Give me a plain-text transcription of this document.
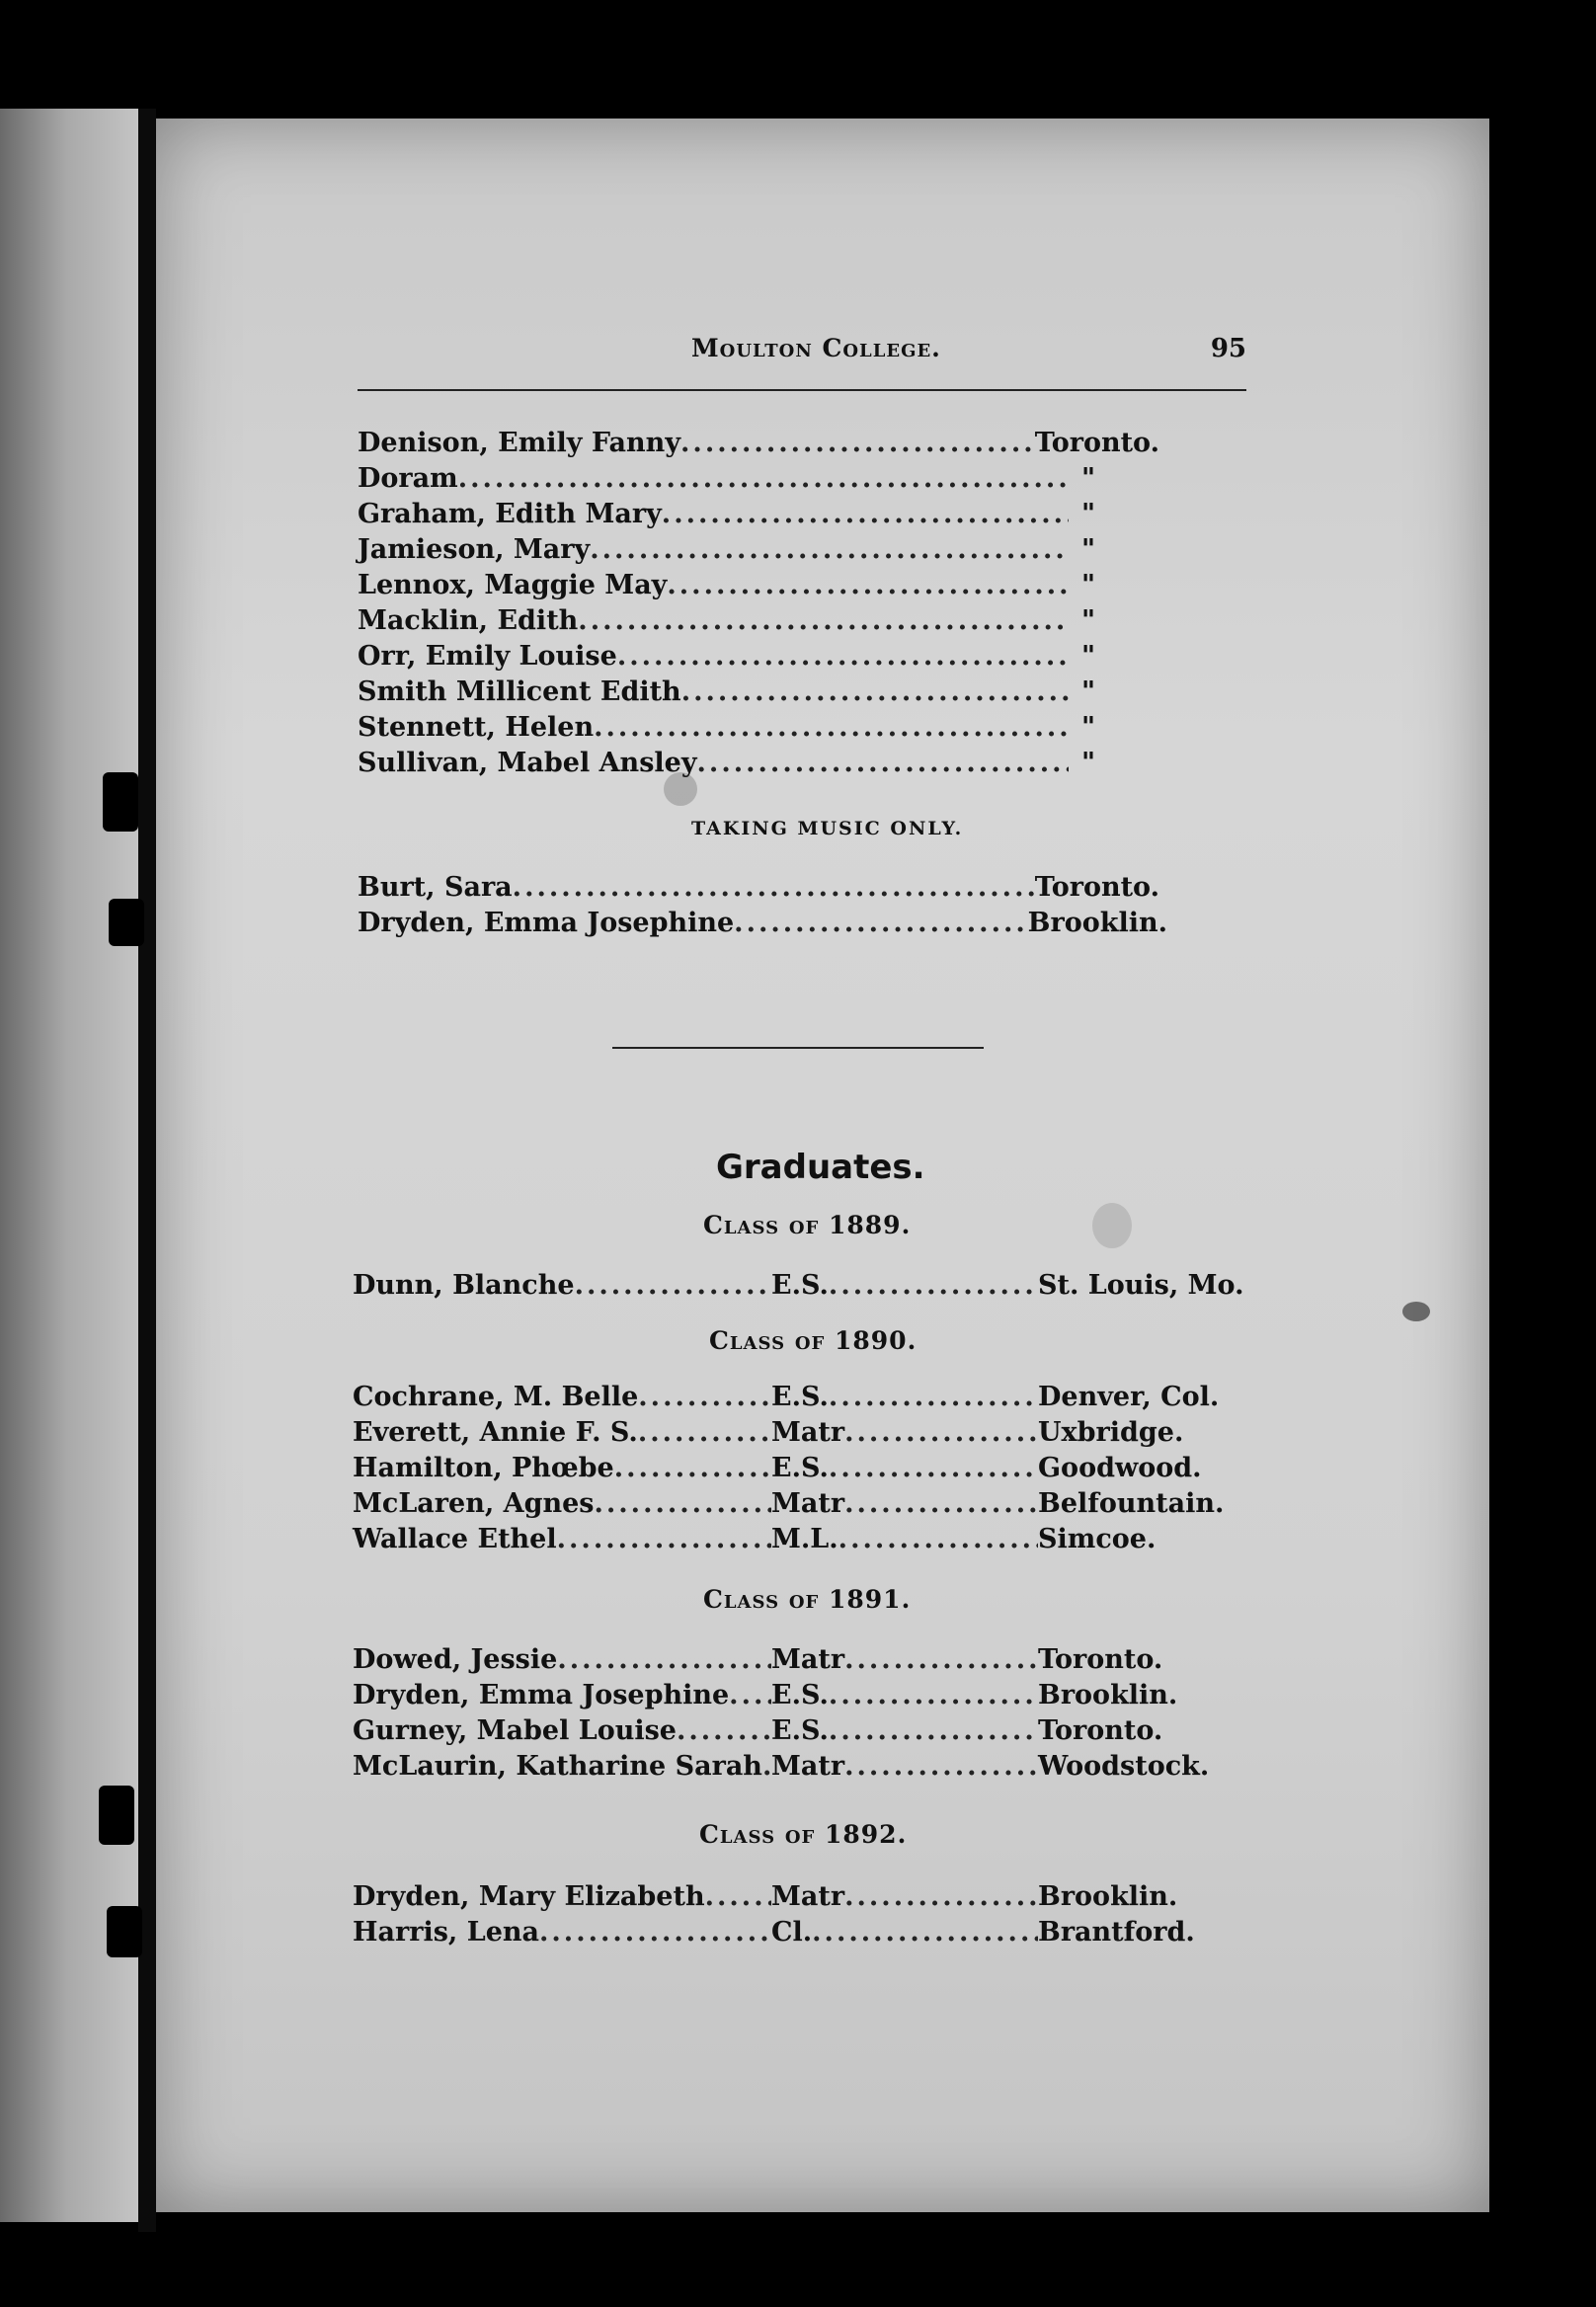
Moulton College.	95
Denison, Emily Fanny .....	Toronto.
Doram .....	"
Graham, Edith Mary .....	"
Jamieson, Mary .....	"
Lennox, Maggie May .....	"
Macklin, Edith .....	"
Orr, Emily Louise .....	"
Smith Millicent Edith .....	"
Stennett, Helen .....	"
Sullivan, Mabel Ansley .....	"
TAKING MUSIC ONLY.
Burt, Sara .....	Toronto.
Dryden, Emma Josephine .....	Brooklin.
Graduates.
Class of 1889.
Dunn, Blanche .....	E.S. .....	St. Louis, Mo.
Class of 1890.
Cochrane, M. Belle .....	E.S. .....	Denver, Col.
Everett, Annie F. S. .....	Matr .....	Uxbridge.
Hamilton, Phœbe .....	E.S. .....	Goodwood.
McLaren, Agnes .....	Matr .....	Belfountain.
Wallace Ethel .....	M.L. .....	Simcoe.
Class of 1891.
Dowed, Jessie .....	Matr .....	Toronto.
Dryden, Emma Josephine ..... E.S. .....	Brooklin.
Gurney, Mabel Louise .....	E.S. .....	Toronto.
McLaurin, Katharine Sarah ..... Matr .....	Woodstock.
Class of 1892.
Dryden, Mary Elizabeth ..... Matr .....	Brooklin.
Harris, Lena .....	Cl. .....	Brantford.
